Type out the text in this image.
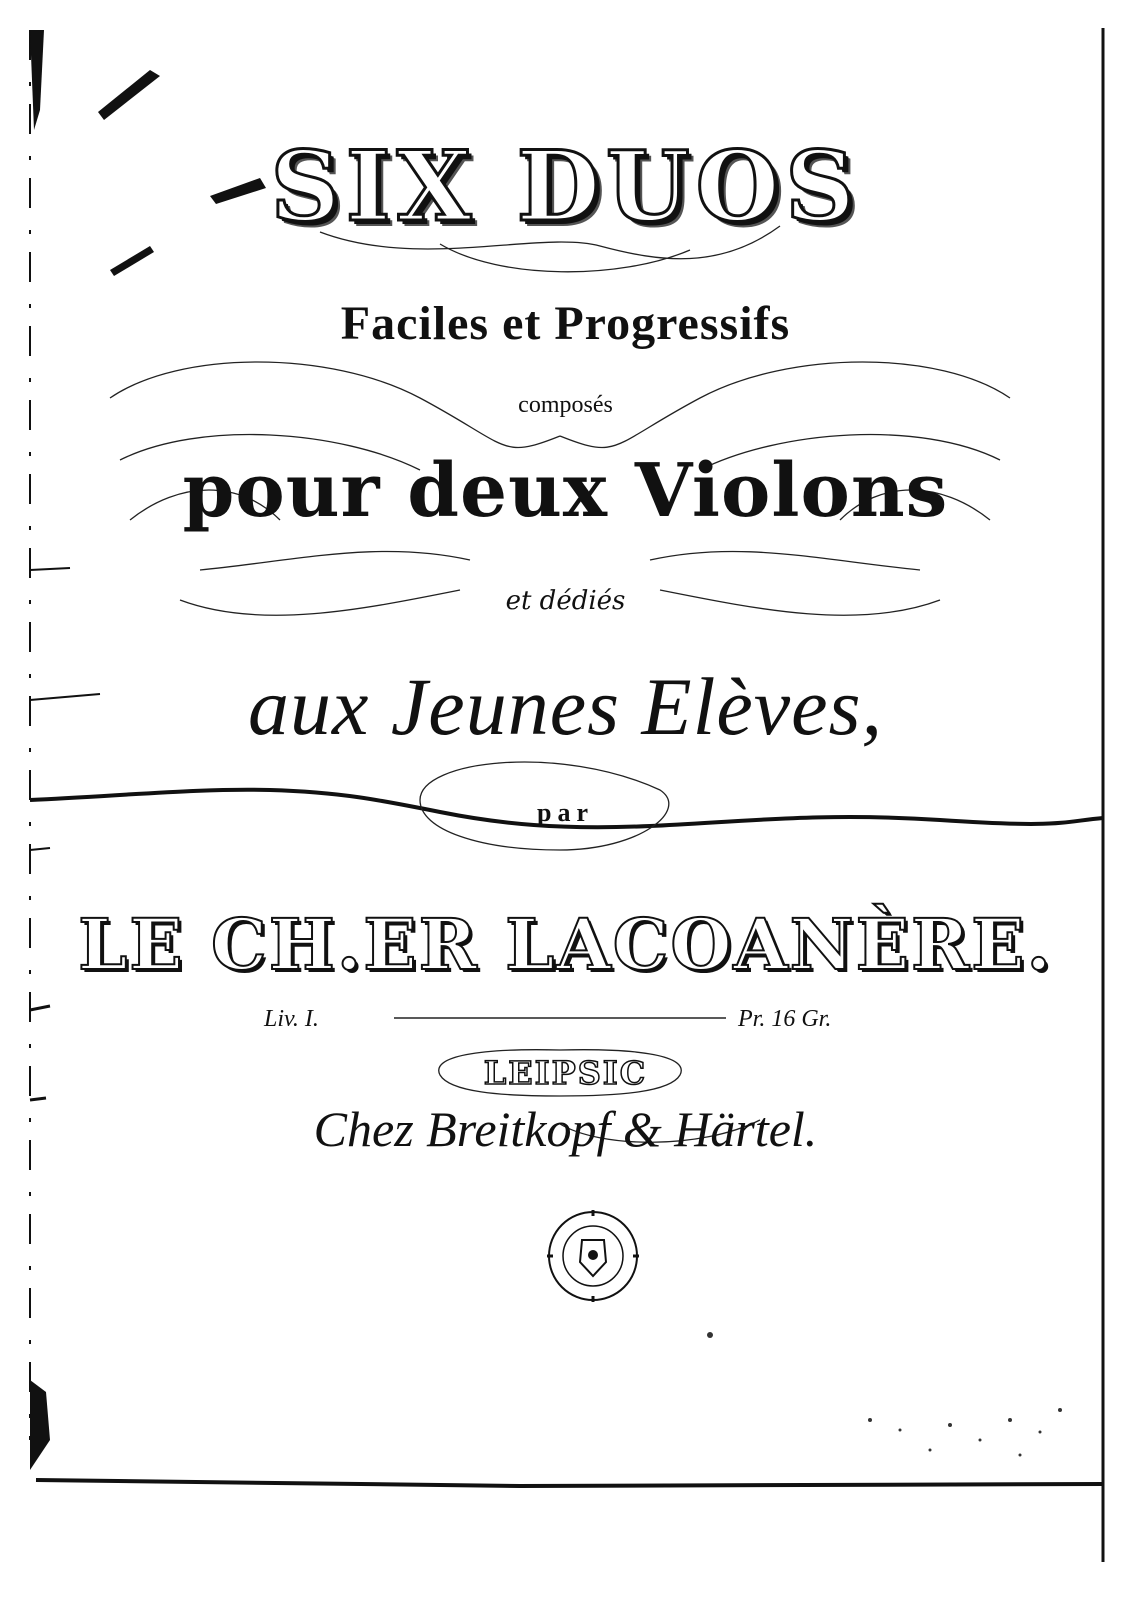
SIX DUOS
Faciles et Progressifs
composés
pour deux Violons
et dédiés
aux Jeunes Elèves,
par
LE CH.ER LACOANÈRE.
Liv. I.	Pr. 16 Gr.
LEIPSIC
Chez Breitkopf & Härtel.
